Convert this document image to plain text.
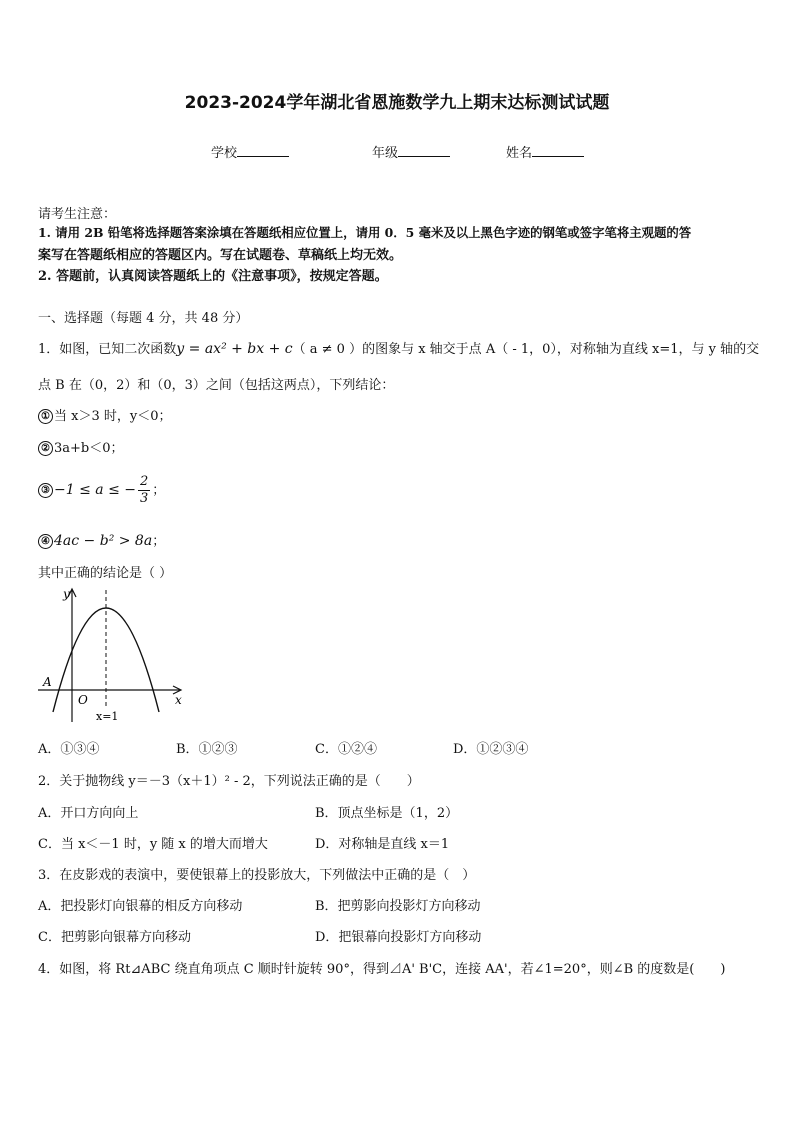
2023-2024学年湖北省恩施数学九上期末达标测试试题
学校	年级	姓名
请考生注意：
1. 请用 2B 铅笔将选择题答案涂填在答题纸相应位置上，请用 0．5 毫米及以上黑色字迹的钢笔或签字笔将主观题的答
案写在答题纸相应的答题区内。写在试题卷、草稿纸上均无效。
2. 答题前，认真阅读答题纸上的《注意事项》，按规定答题。
一、选择题（每题 4 分，共 48 分）
1．如图，已知二次函数y = ax² + bx + c（ a ≠ 0 ）的图象与 x 轴交于点 A（ - 1，0），对称轴为直线 x=1，与 y 轴的交
点 B 在（0，2）和（0，3）之间（包括这两点），下列结论：
① 当 x＞3 时，y＜0；
② 3a+b＜0；
③ −1 ≤ a ≤ − $\frac{2}{3}$ ；
④ 4ac − b² > 8a；
其中正确的结论是（ ）
y
x
O
A
x=1
A．①③④	B．①②③	C．①②④	D．①②③④
2．关于抛物线 y＝－3（x＋1）² - 2，下列说法正确的是（　　）
A．开口方向向上	B．顶点坐标是（1，2）
C．当 x＜－1 时，y 随 x 的增大而增大	D．对称轴是直线 x＝1
3．在皮影戏的表演中，要使银幕上的投影放大，下列做法中正确的是（　）
A．把投影灯向银幕的相反方向移动	B．把剪影向投影灯方向移动
C．把剪影向银幕方向移动	D．把银幕向投影灯方向移动
4．如图，将 Rt⊿ABC 绕直角项点 C 顺时针旋转 90°，得到⊿A' B'C，连接 AA'，若∠1=20°，则∠B 的度数是(　　)
